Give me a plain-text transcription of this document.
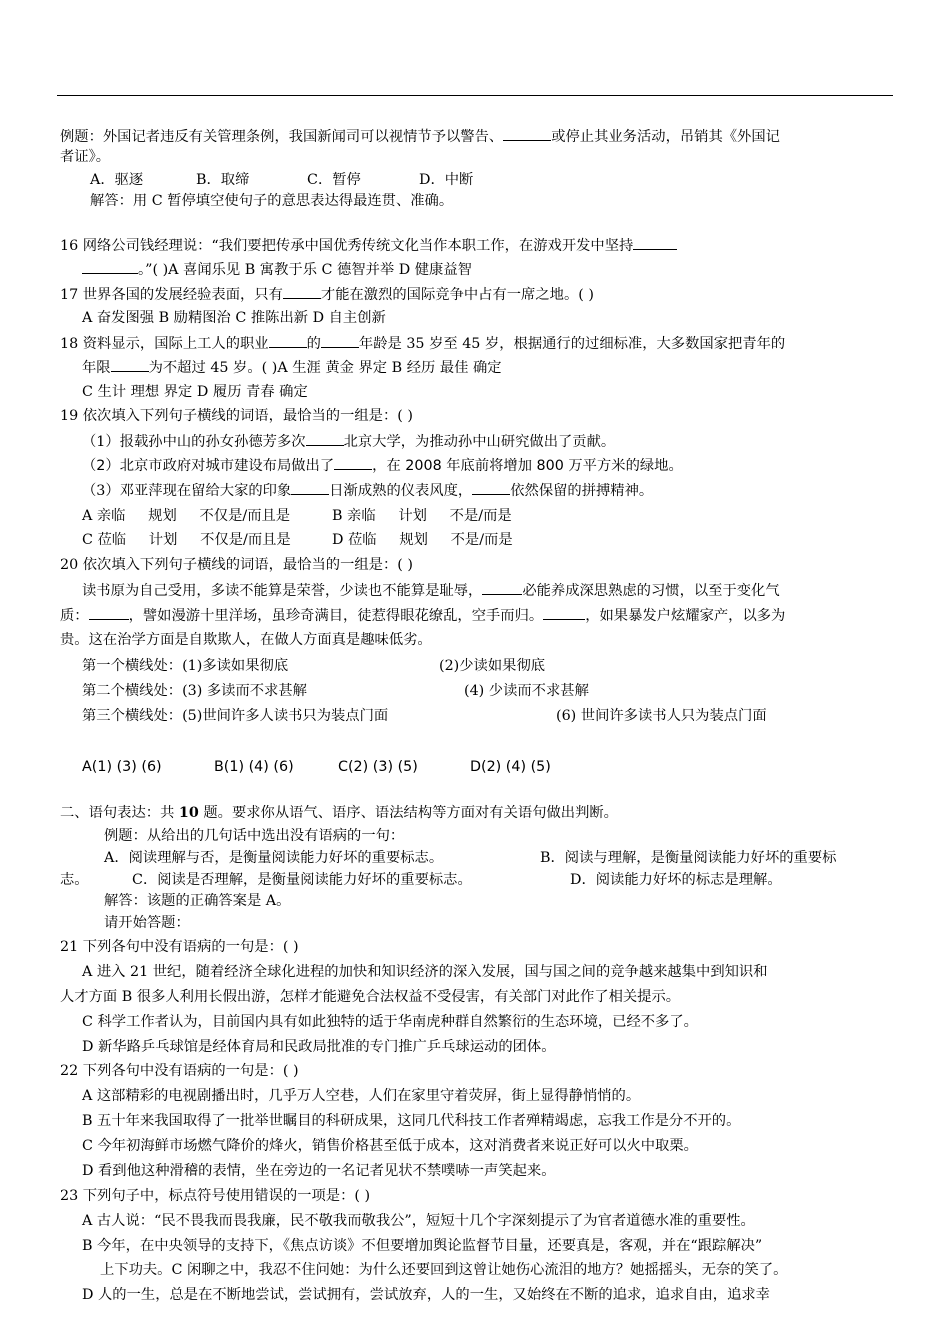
例题：外国记者违反有关管理条例，我国新闻司可以视情节予以警告、	或停止其业务活动，吊销其《外国记
者证》。
A．驱逐	B．取缔	C．暂停	D．中断
解答：用 C 暂停填空使句子的意思表达得最连贯、准确。
16 网络公司钱经理说：“我们要把传承中国优秀传统文化当作本职工作，在游戏开发中坚持
。”( )A 喜闻乐见 B 寓教于乐 C 德智并举 D 健康益智
17 世界各国的发展经验表面，只有	才能在激烈的国际竞争中占有一席之地。( )
A 奋发图强 B 励精图治 C 推陈出新 D 自主创新
18 资料显示，国际上工人的职业	的	年龄是 35 岁至 45 岁，根据通行的过细标准，大多数国家把青年的
年限	为不超过 45 岁。( )A 生涯 黄金 界定 B 经历 最佳 确定
C 生计 理想 界定 D 履历 青春 确定
19 依次填入下列句子横线的词语，最恰当的一组是：( )
（1）报载孙中山的孙女孙德芳多次	北京大学，为推动孙中山研究做出了贡献。
（2）北京市政府对城市建设布局做出了	，在 2008 年底前将增加 800 万平方米的绿地。
（3）邓亚萍现在留给大家的印象	日渐成熟的仪表风度，	依然保留的拼搏精神。
A 亲临     规划     不仅是/而且是	B 亲临     计划     不是/而是
C 莅临     计划     不仅是/而且是	D 莅临     规划     不是/而是
20 依次填入下列句子横线的词语，最恰当的一组是：( )
读书原为自己受用，多读不能算是荣誉，少读也不能算是耻辱，	必能养成深思熟虑的习惯，以至于变化气
质：	，譬如漫游十里洋场，虽珍奇满目，徒惹得眼花缭乱，空手而归。	，如果暴发户炫耀家产，以多为
贵。这在治学方面是自欺欺人，在做人方面真是趣味低劣。
第一个横线处：(1)多读如果彻底	(2)少读如果彻底
第二个横线处：(3) 多读而不求甚解	(4) 少读而不求甚解
第三个横线处：(5)世间许多人读书只为装点门面	(6) 世间许多读书人只为装点门面
A(1) (3) (6)	B(1) (4) (6)	C(2) (3) (5)	D(2) (4) (5)
二、语句表达：共 10 题。要求你从语气、语序、语法结构等方面对有关语句做出判断。
例题：从给出的几句话中选出没有语病的一句：
A．阅读理解与否，是衡量阅读能力好坏的重要标志。	B．阅读与理解，是衡量阅读能力好坏的重要标
志。	C．阅读是否理解，是衡量阅读能力好坏的重要标志。	D．阅读能力好坏的标志是理解。
解答：该题的正确答案是 A。
请开始答题：
21 下列各句中没有语病的一句是：( )
A 进入 21 世纪，随着经济全球化进程的加快和知识经济的深入发展，国与国之间的竞争越来越集中到知识和
人才方面 B 很多人利用长假出游，怎样才能避免合法权益不受侵害，有关部门对此作了相关提示。
C 科学工作者认为，目前国内具有如此独特的适于华南虎种群自然繁衍的生态环境，已经不多了。
D 新华路乒乓球馆是经体育局和民政局批准的专门推广乒乓球运动的团体。
22 下列各句中没有语病的一句是：( )
A 这部精彩的电视剧播出时，几乎万人空巷，人们在家里守着荧屏，街上显得静悄悄的。
B 五十年来我国取得了一批举世瞩目的科研成果，这同几代科技工作者殚精竭虑，忘我工作是分不开的。
C 今年初海鲜市场燃气降价的烽火，销售价格甚至低于成本，这对消费者来说正好可以火中取栗。
D 看到他这种滑稽的表情，坐在旁边的一名记者见状不禁噗哧一声笑起来。
23 下列句子中，标点符号使用错误的一项是：( )
A 古人说：“民不畏我而畏我廉，民不敬我而敬我公”，短短十几个字深刻提示了为官者道德水准的重要性。
B 今年，在中央领导的支持下，《焦点访谈》不但要增加舆论监督节目量，还要真是，客观，并在“跟踪解决”
上下功夫。C 闲聊之中，我忍不住问她：为什么还要回到这曾让她伤心流泪的地方？她摇摇头，无奈的笑了。
D 人的一生，总是在不断地尝试，尝试拥有，尝试放弃，人的一生，又始终在不断的追求，追求自由，追求幸
